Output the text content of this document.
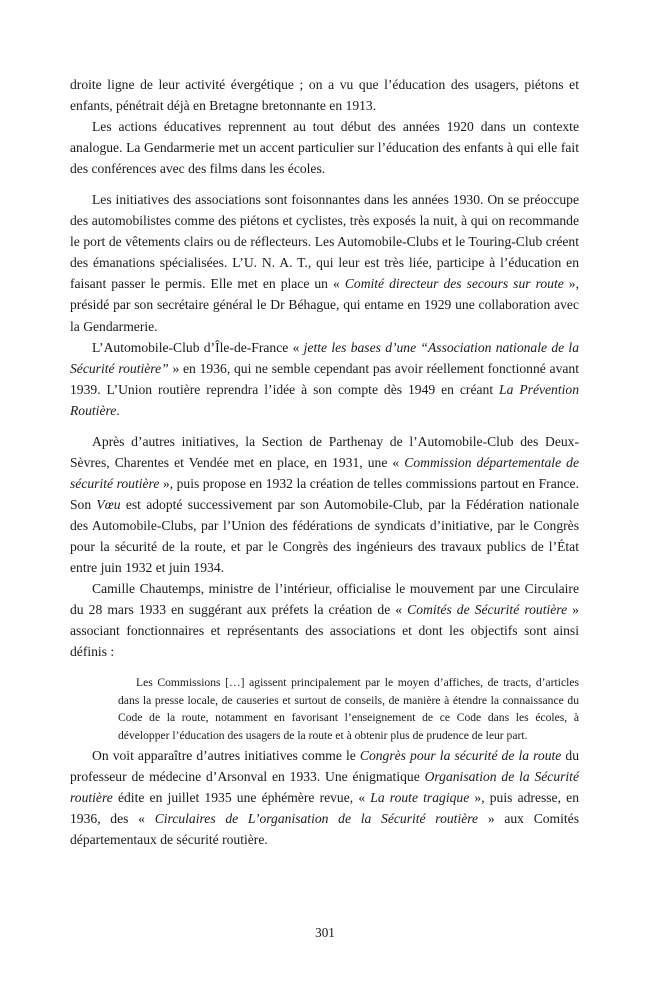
droite ligne de leur activité évergétique ; on a vu que l’éducation des usagers, piétons et enfants, pénétrait déjà en Bretagne bretonnante en 1913.

Les actions éducatives reprennent au tout début des années 1920 dans un contexte analogue. La Gendarmerie met un accent particulier sur l’éducation des enfants à qui elle fait des conférences avec des films dans les écoles.

Les initiatives des associations sont foisonnantes dans les années 1930. On se préoccupe des automobilistes comme des piétons et cyclistes, très exposés la nuit, à qui on recommande le port de vêtements clairs ou de réflecteurs. Les Automobile-Clubs et le Touring-Club créent des émanations spécialisées. L’U. N. A. T., qui leur est très liée, participe à l’éducation en faisant passer le permis. Elle met en place un « Comité directeur des secours sur route », présidé par son secrétaire général le Dr Béhague, qui entame en 1929 une collaboration avec la Gendarmerie.

L’Automobile-Club d’Île-de-France « jette les bases d’une “Association nationale de la Sécurité routière” » en 1936, qui ne semble cependant pas avoir réellement fonctionné avant 1939. L’Union routière reprendra l’idée à son compte dès 1949 en créant La Prévention Routière.

Après d’autres initiatives, la Section de Parthenay de l’Automobile-Club des Deux-Sèvres, Charentes et Vendée met en place, en 1931, une « Commission départementale de sécurité routière », puis propose en 1932 la création de telles commissions partout en France. Son Vœu est adopté successivement par son Automobile-Club, par la Fédération nationale des Automobile-Clubs, par l’Union des fédérations de syndicats d’initiative, par le Congrès pour la sécurité de la route, et par le Congrès des ingénieurs des travaux publics de l’État entre juin 1932 et juin 1934.

Camille Chautemps, ministre de l’intérieur, officialise le mouvement par une Circulaire du 28 mars 1933 en suggérant aux préfets la création de « Comités de Sécurité routière » associant fonctionnaires et représentants des associations et dont les objectifs sont ainsi définis :

Les Commissions […] agissent principalement par le moyen d’affiches, de tracts, d’articles dans la presse locale, de causeries et surtout de conseils, de manière à étendre la connaissance du Code de la route, notamment en favorisant l’enseignement de ce Code dans les écoles, à développer l’éducation des usagers de la route et à obtenir plus de prudence de leur part.

On voit apparaître d’autres initiatives comme le Congrès pour la sécurité de la route du professeur de médecine d’Arsonval en 1933. Une énigmatique Organisation de la Sécurité routière édite en juillet 1935 une éphémère revue, « La route tragique », puis adresse, en 1936, des « Circulaires de L’organisation de la Sécurité routière » aux Comités départementaux de sécurité routière.

301
